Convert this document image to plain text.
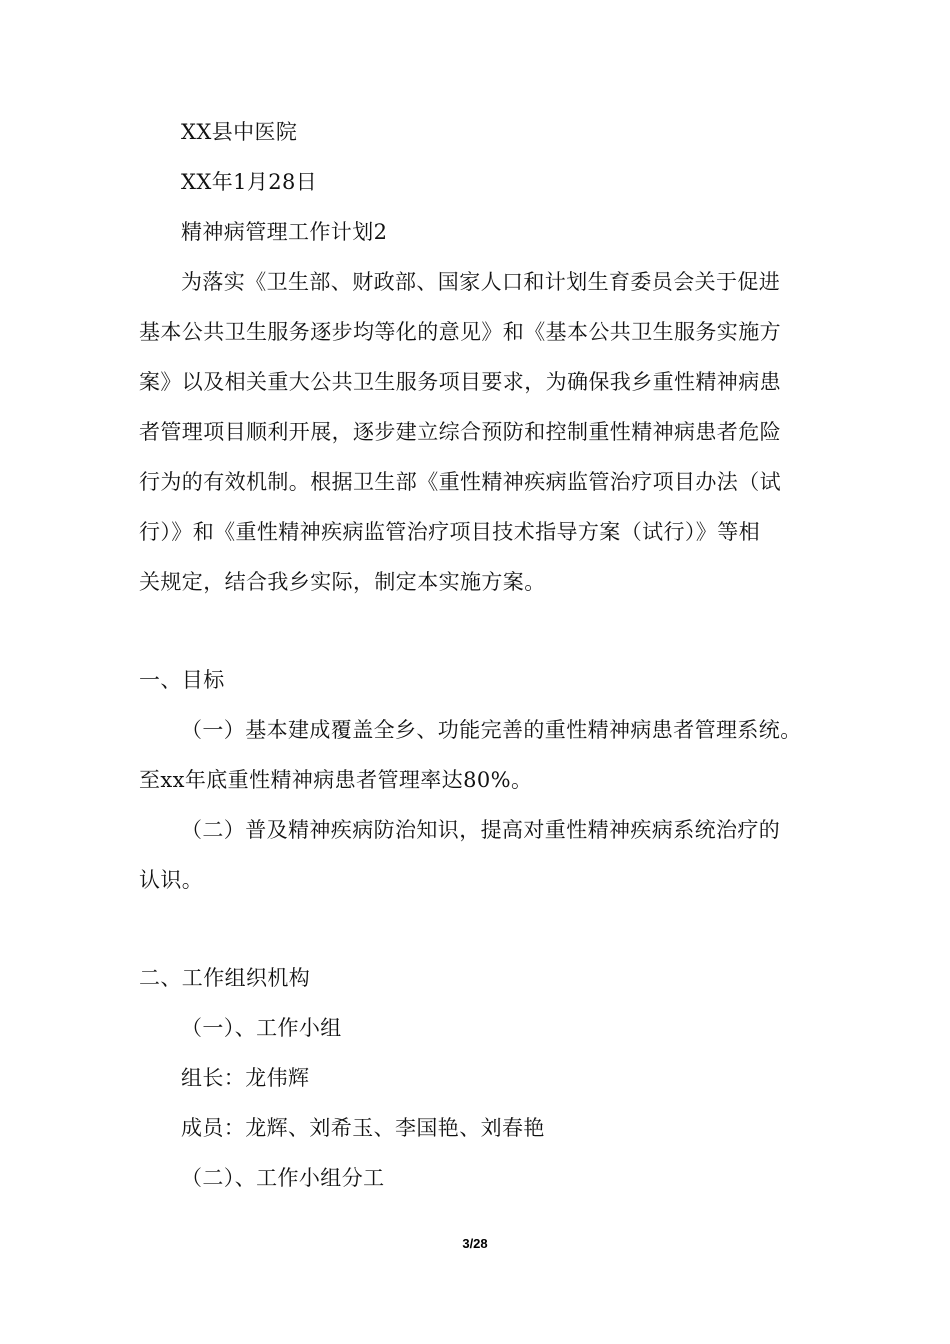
XX县中医院
XX年1月28日
精神病管理工作计划2
为落实《卫生部、财政部、国家人口和计划生育委员会关于促进
基本公共卫生服务逐步均等化的意见》和《基本公共卫生服务实施方
案》以及相关重大公共卫生服务项目要求，为确保我乡重性精神病患
者管理项目顺利开展，逐步建立综合预防和控制重性精神病患者危险
行为的有效机制。根据卫生部《重性精神疾病监管治疗项目办法（试
行）》和《重性精神疾病监管治疗项目技术指导方案（试行）》等相
关规定，结合我乡实际，制定本实施方案。
一、目标
（一）基本建成覆盖全乡、功能完善的重性精神病患者管理系统。
至xx年底重性精神病患者管理率达80%。
（二）普及精神疾病防治知识，提高对重性精神疾病系统治疗的
认识。
二、工作组织机构
（一）、工作小组
组长：龙伟辉
成员：龙辉、刘希玉、李国艳、刘春艳
（二）、工作小组分工
3/28
